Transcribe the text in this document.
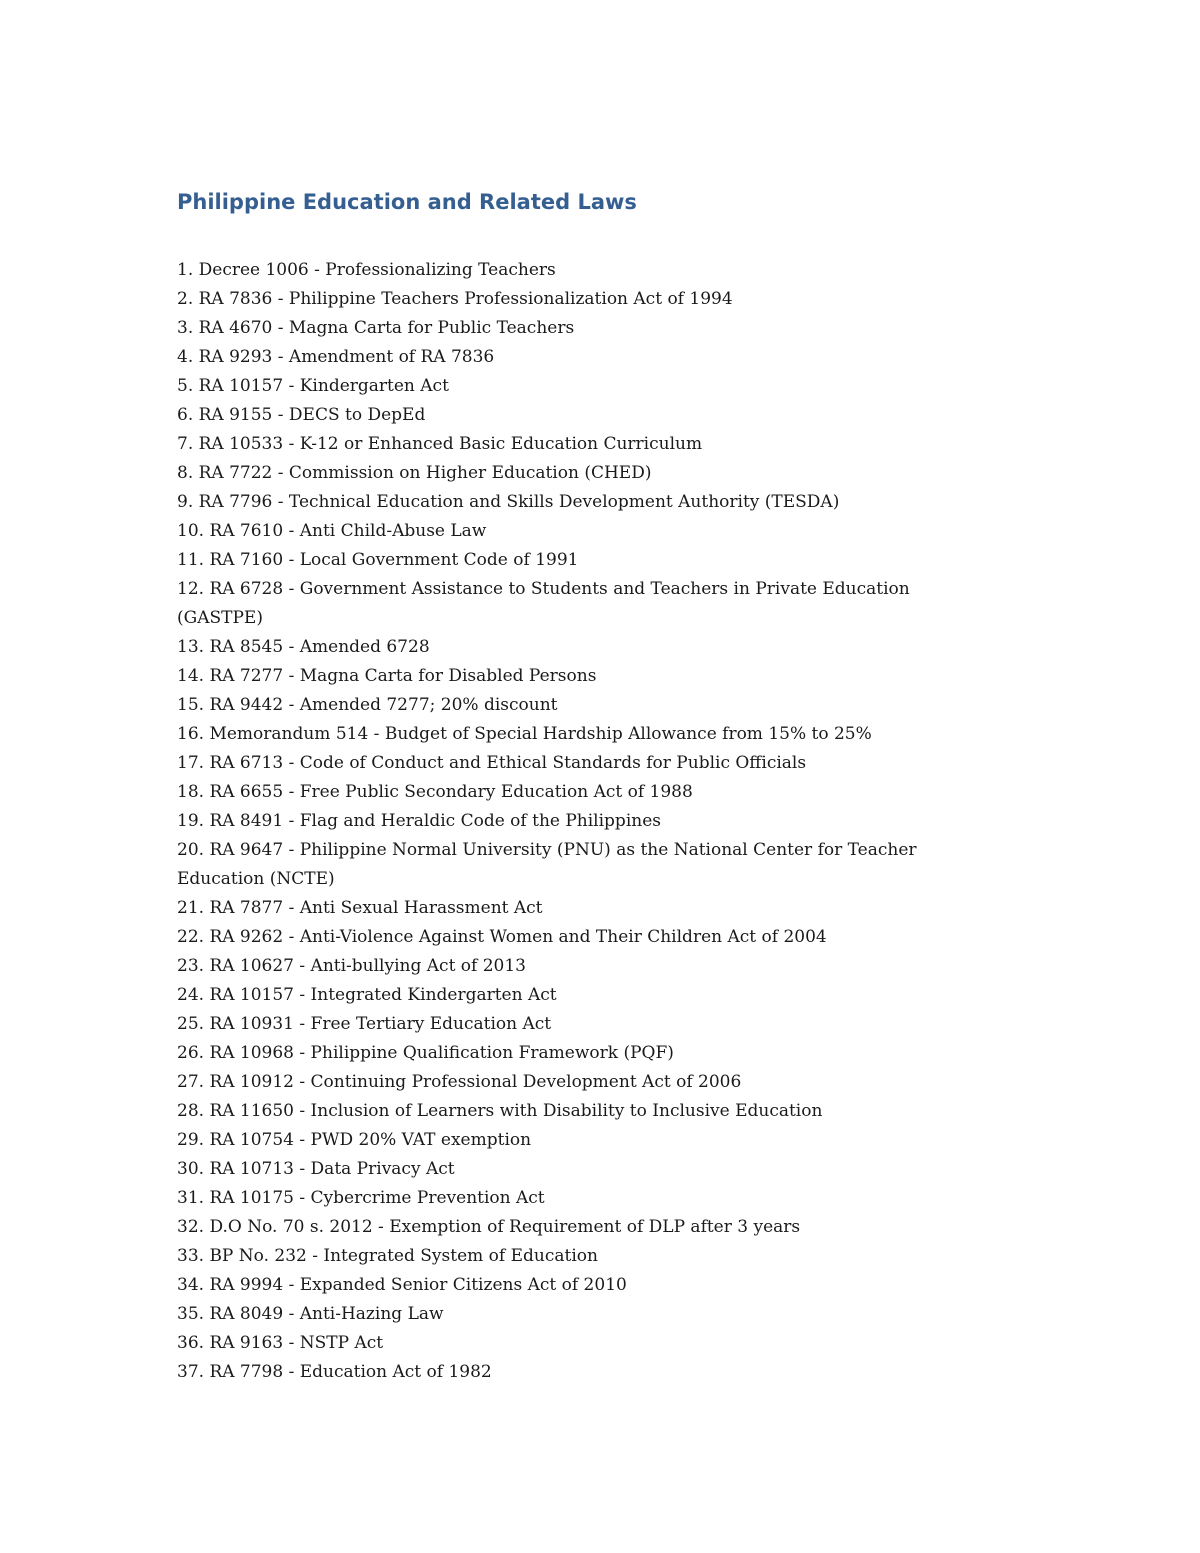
Philippine Education and Related Laws
1. Decree 1006 - Professionalizing Teachers
2. RA 7836 - Philippine Teachers Professionalization Act of 1994
3. RA 4670 - Magna Carta for Public Teachers
4. RA 9293 - Amendment of RA 7836
5. RA 10157 - Kindergarten Act
6. RA 9155 - DECS to DepEd
7. RA 10533 - K-12 or Enhanced Basic Education Curriculum
8. RA 7722 - Commission on Higher Education (CHED)
9. RA 7796 - Technical Education and Skills Development Authority (TESDA)
10. RA 7610 - Anti Child-Abuse Law
11. RA 7160 - Local Government Code of 1991
12. RA 6728 - Government Assistance to Students and Teachers in Private Education (GASTPE)
13. RA 8545 - Amended 6728
14. RA 7277 - Magna Carta for Disabled Persons
15. RA 9442 - Amended 7277; 20% discount
16. Memorandum 514 - Budget of Special Hardship Allowance from 15% to 25%
17. RA 6713 - Code of Conduct and Ethical Standards for Public Officials
18. RA 6655 - Free Public Secondary Education Act of 1988
19. RA 8491 - Flag and Heraldic Code of the Philippines
20. RA 9647 - Philippine Normal University (PNU) as the National Center for Teacher Education (NCTE)
21. RA 7877 - Anti Sexual Harassment Act
22. RA 9262 - Anti-Violence Against Women and Their Children Act of 2004
23. RA 10627 - Anti-bullying Act of 2013
24. RA 10157 - Integrated Kindergarten Act
25. RA 10931 - Free Tertiary Education Act
26. RA 10968 - Philippine Qualification Framework (PQF)
27. RA 10912 - Continuing Professional Development Act of 2006
28. RA 11650 - Inclusion of Learners with Disability to Inclusive Education
29. RA 10754 - PWD 20% VAT exemption
30. RA 10713 - Data Privacy Act
31. RA 10175 - Cybercrime Prevention Act
32. D.O No. 70 s. 2012 - Exemption of Requirement of DLP after 3 years
33. BP No. 232 - Integrated System of Education
34. RA 9994 - Expanded Senior Citizens Act of 2010
35. RA 8049 - Anti-Hazing Law
36. RA 9163 - NSTP Act
37. RA 7798 - Education Act of 1982
